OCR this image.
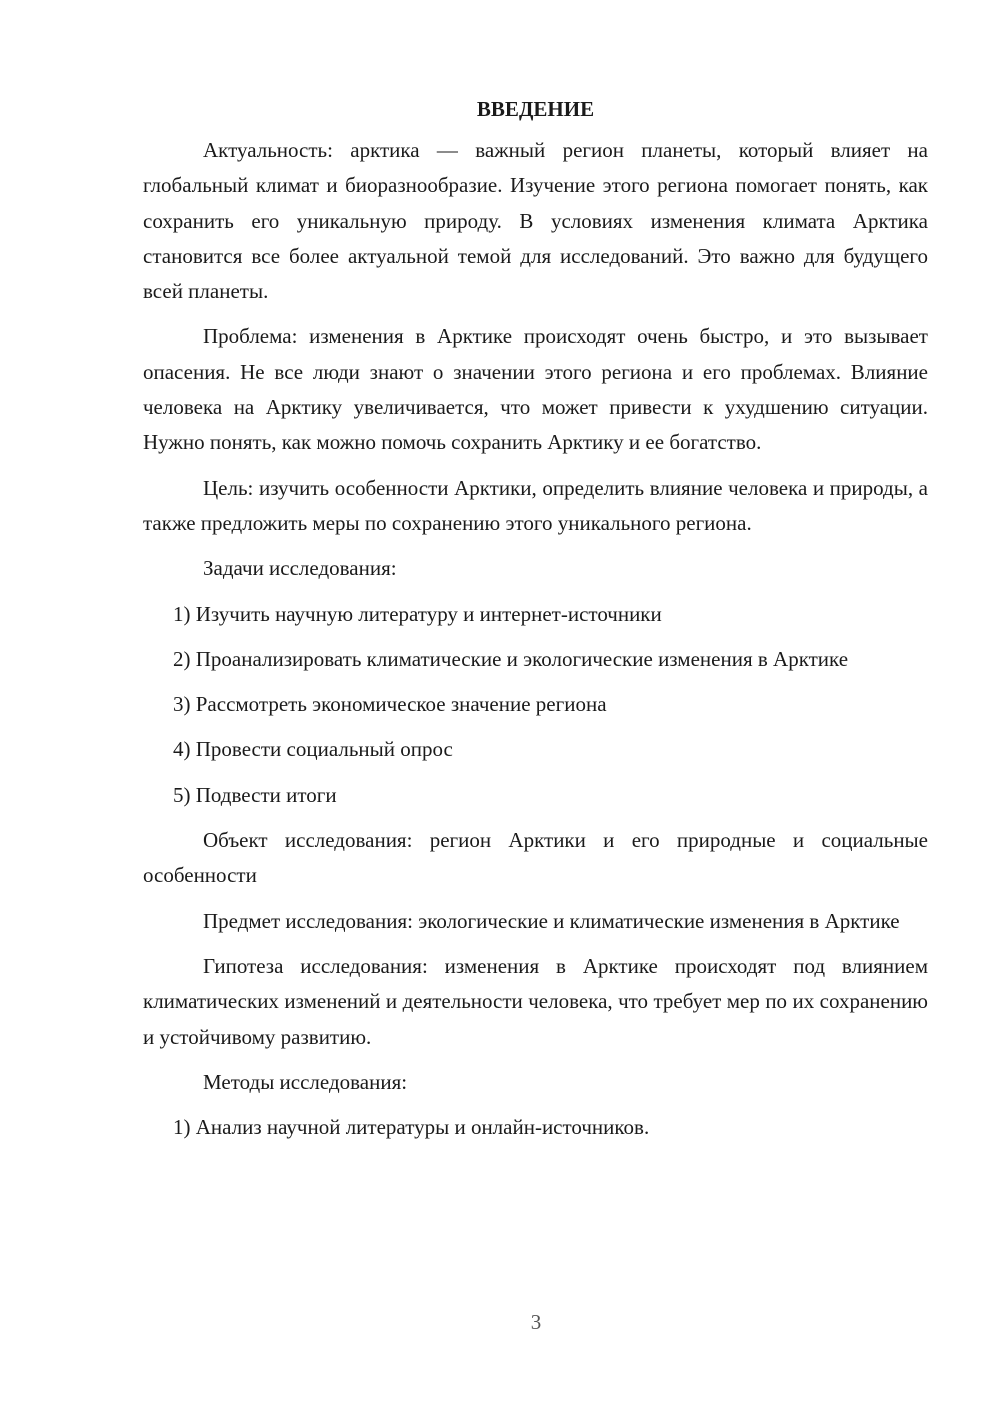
ВВЕДЕНИЕ

Актуальность: арктика — важный регион планеты, который влияет на глобальный климат и биоразнообразие. Изучение этого региона помогает понять, как сохранить его уникальную природу. В условиях изменения климата Арктика становится все более актуальной темой для исследований. Это важно для будущего всей планеты.

Проблема: изменения в Арктике происходят очень быстро, и это вызывает опасения. Не все люди знают о значении этого региона и его проблемах. Влияние человека на Арктику увеличивается, что может привести к ухудшению ситуации. Нужно понять, как можно помочь сохранить Арктику и ее богатство.

Цель: изучить особенности Арктики, определить влияние человека и природы, а также предложить меры по сохранению этого уникального региона.

Задачи исследования:

1) Изучить научную литературу и интернет-источники

2) Проанализировать климатические и экологические изменения в Арктике

3) Рассмотреть экономическое значение региона

4) Провести социальный опрос

5) Подвести итоги

Объект исследования: регион Арктики и его природные и социальные особенности

Предмет исследования: экологические и климатические изменения в Арктике

Гипотеза исследования: изменения в Арктике происходят под влиянием климатических изменений и деятельности человека, что требует мер по их сохранению и устойчивому развитию.

Методы исследования:

1) Анализ научной литературы и онлайн-источников.

3
